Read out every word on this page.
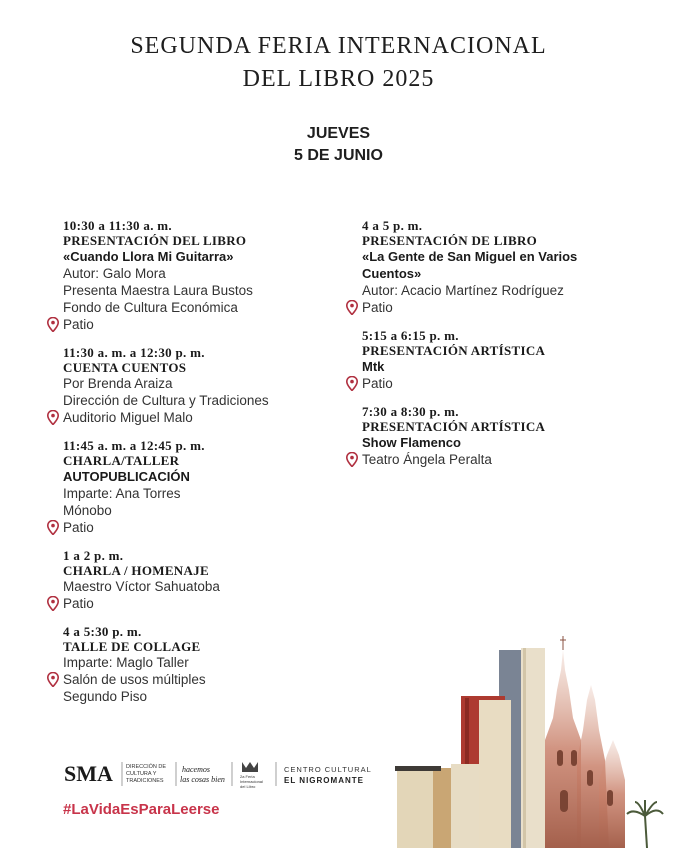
SEGUNDA FERIA INTERNACIONAL
DEL LIBRO 2025
JUEVES
5 DE JUNIO
10:30 a 11:30 a. m.
PRESENTACIÓN DEL LIBRO
«Cuando Llora Mi Guitarra»
Autor: Galo Mora
Presenta Maestra Laura Bustos
Fondo de Cultura Económica
Patio
11:30 a. m. a 12:30 p. m.
CUENTA CUENTOS
Por Brenda Araiza
Dirección de Cultura y Tradiciones
Auditorio Miguel Malo
11:45 a. m. a 12:45 p. m.
CHARLA/TALLER
AUTOPUBLICACIÓN
Imparte: Ana Torres
Mónobo
Patio
1 a 2 p. m.
CHARLA / HOMENAJE
Maestro Víctor Sahuatoba
Patio
4 a 5:30 p. m.
TALLE DE COLLAGE
Imparte: Maglo Taller
Salón de usos múltiples
Segundo Piso
4 a 5 p. m.
PRESENTACIÓN DE LIBRO
«La Gente de San Miguel en Varios
Cuentos»
Autor: Acacio Martínez Rodríguez
Patio
5:15 a 6:15 p. m.
PRESENTACIÓN ARTÍSTICA
Mtk
Patio
7:30 a 8:30 p. m.
PRESENTACIÓN ARTÍSTICA
Show Flamenco
Teatro Ángela Peralta
SMA DIRECCIÓN DE
CULTURA Y
TRADICIONES
hacemos
las cosas bien	2a Feria
Internacional
del Libro
CENTRO CULTURAL
EL NIGROMANTE
#LaVidaEsParaLeerse
